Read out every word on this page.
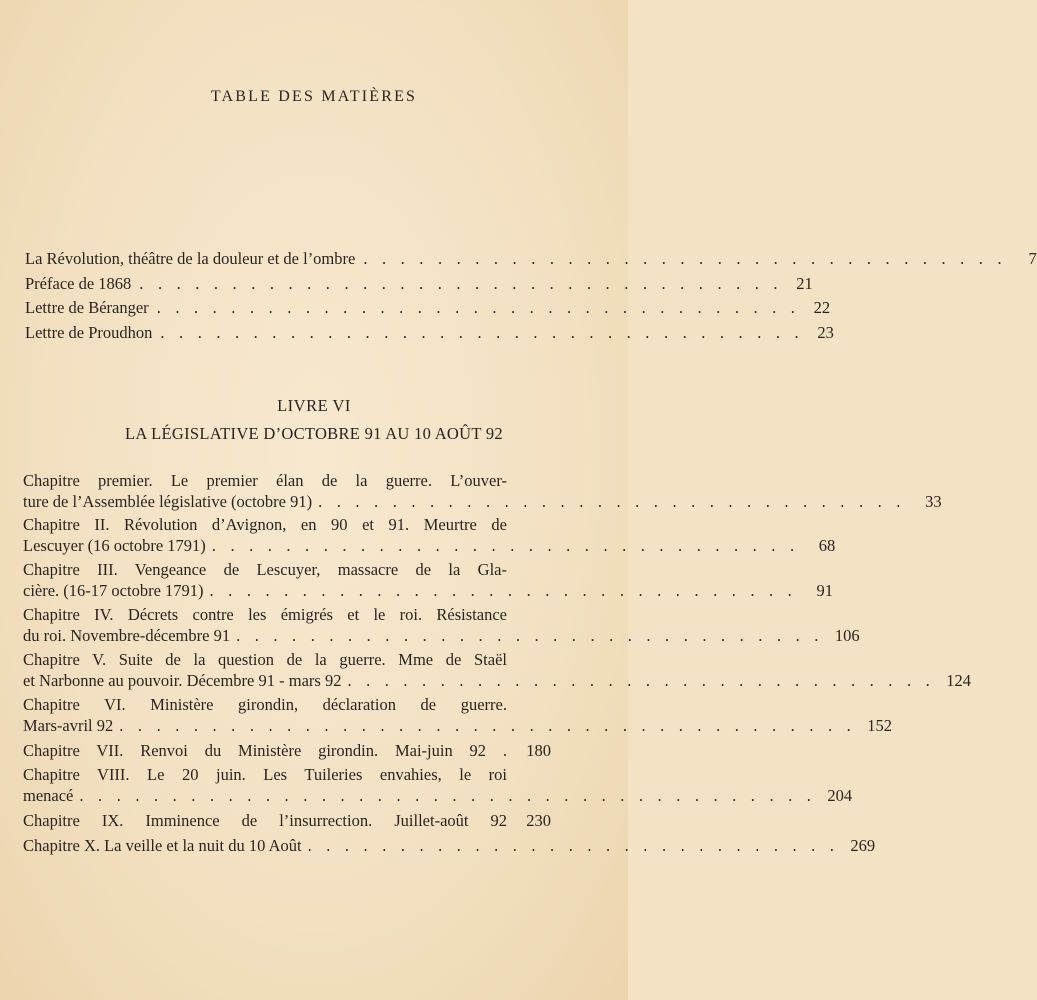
TABLE DES MATIÈRES
La Révolution, théâtre de la douleur et de l’ombre . . . . . . . . . . . . . . . . . . . . . . . . . . . . . . . . . . .	7
Préface de 1868 . . . . . . . . . . . . . . . . . . . . . . . . . . . . . . . . . . . 21
Lettre de Béranger . . . . . . . . . . . . . . . . . . . . . . . . . . . . . . . . . . . 22
Lettre de Proudhon . . . . . . . . . . . . . . . . . . . . . . . . . . . . . . . . . . . 23
LIVRE VI
LA LÉGISLATIVE D’OCTOBRE 91 AU 10 AOÛT 92
Chapitre premier. Le premier élan de la guerre. L’ouver-
ture de l’Assemblée législative (octobre 91) . . . . . . . . . . . . . . . . . . . . . . . . . . . . . . . .	33
Chapitre II. Révolution d’Avignon, en 90 et 91. Meurtre de
Lescuyer (16 octobre 1791) . . . . . . . . . . . . . . . . . . . . . . . . . . . . . . . .	68
Chapitre III. Vengeance de Lescuyer, massacre de la Gla-
cière. (16-17 octobre 1791) . . . . . . . . . . . . . . . . . . . . . . . . . . . . . . . .	91
Chapitre IV. Décrets contre les émigrés et le roi. Résistance
du roi. Novembre-décembre 91 . . . . . . . . . . . . . . . . . . . . . . . . . . . . . . . . 106
Chapitre V. Suite de la question de la guerre. Mme de Staël
et Narbonne au pouvoir. Décembre 91 - mars 92 . . . . . . . . . . . . . . . . . . . . . . . . . . . . . . . . 124
Chapitre VI. Ministère girondin, déclaration de guerre.
Mars-avril 92 . . . . . . . . . . . . . . . . . . . . . . . . . . . . . . . . . . . . . . . . 152
Chapitre VII. Renvoi du Ministère girondin. Mai-juin 92 .	180
Chapitre VIII. Le 20 juin. Les Tuileries envahies, le roi
menacé . . . . . . . . . . . . . . . . . . . . . . . . . . . . . . . . . . . . . . . . 204
Chapitre IX. Imminence de l’insurrection. Juillet-août 92	230
Chapitre X. La veille et la nuit du 10 Août . . . . . . . . . . . . . . . . . . . . . . . . . . . . . 269
